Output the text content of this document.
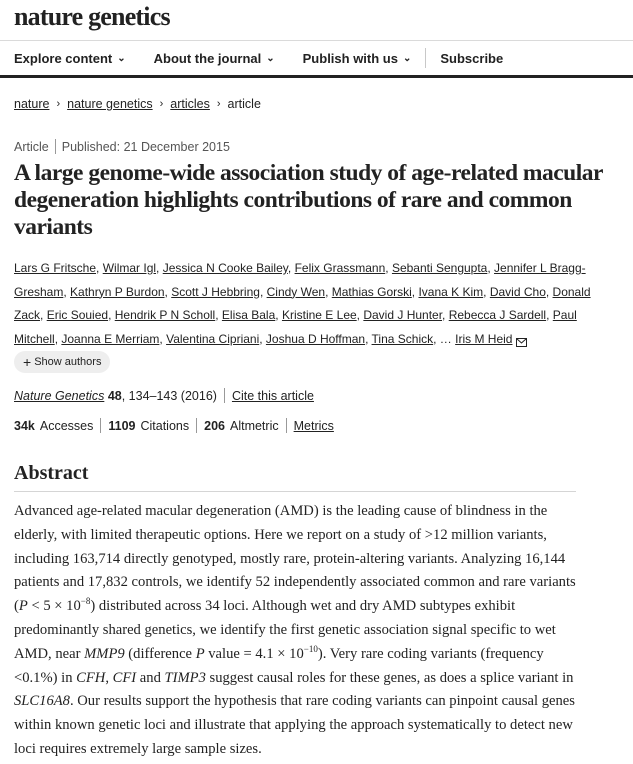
nature genetics
Explore content ⌄ About the journal ⌄ Publish with us ⌄	Subscribe
nature › nature genetics › articles › article
Article Published: 21 December 2015
A large genome-wide association study of age-related macular degeneration highlights contributions of rare and common variants
Lars G Fritsche, Wilmar Igl, Jessica N Cooke Bailey, Felix Grassmann, Sebanti Sengupta, Jennifer L Bragg-Gresham, Kathryn P Burdon, Scott J Hebbring, Cindy Wen, Mathias Gorski, Ivana K Kim, David Cho, Donald Zack, Eric Souied, Hendrik P N Scholl, Elisa Bala, Kristine E Lee, David J Hunter, Rebecca J Sardell, Paul Mitchell, Joanna E Merriam, Valentina Cipriani, Joshua D Hoffman, Tina Schick, … Iris M Heid
+ Show authors
Nature Genetics
48 , 134–143 (2016) Cite this article
34k Accesses 1109 Citations 206 Altmetric Metrics
Abstract

Advanced age-related macular degeneration (AMD) is the leading cause of blindness in the elderly, with limited therapeutic options. Here we report on a study of >12 million variants, including 163,714 directly genotyped, mostly rare, protein-altering variants. Analyzing 16,144 patients and 17,832 controls, we identify 52 independently associated common and rare variants $(P < 5 \times 10^{-8})$ distributed across 34 loci. Although wet and dry AMD subtypes exhibit predominantly shared genetics, we identify the first genetic association signal specific to wet AMD, near MMP9 (difference P value = $4.1 \times 10^{-10}$). Very rare coding variants (frequency <0.1%) in CFH, CFI and TIMP3 suggest causal roles for these genes, as does a splice variant in SLC16A8. Our results support the hypothesis that rare coding variants can pinpoint causal genes within known genetic loci and illustrate that applying the approach systematically to detect new loci requires extremely large sample sizes.
